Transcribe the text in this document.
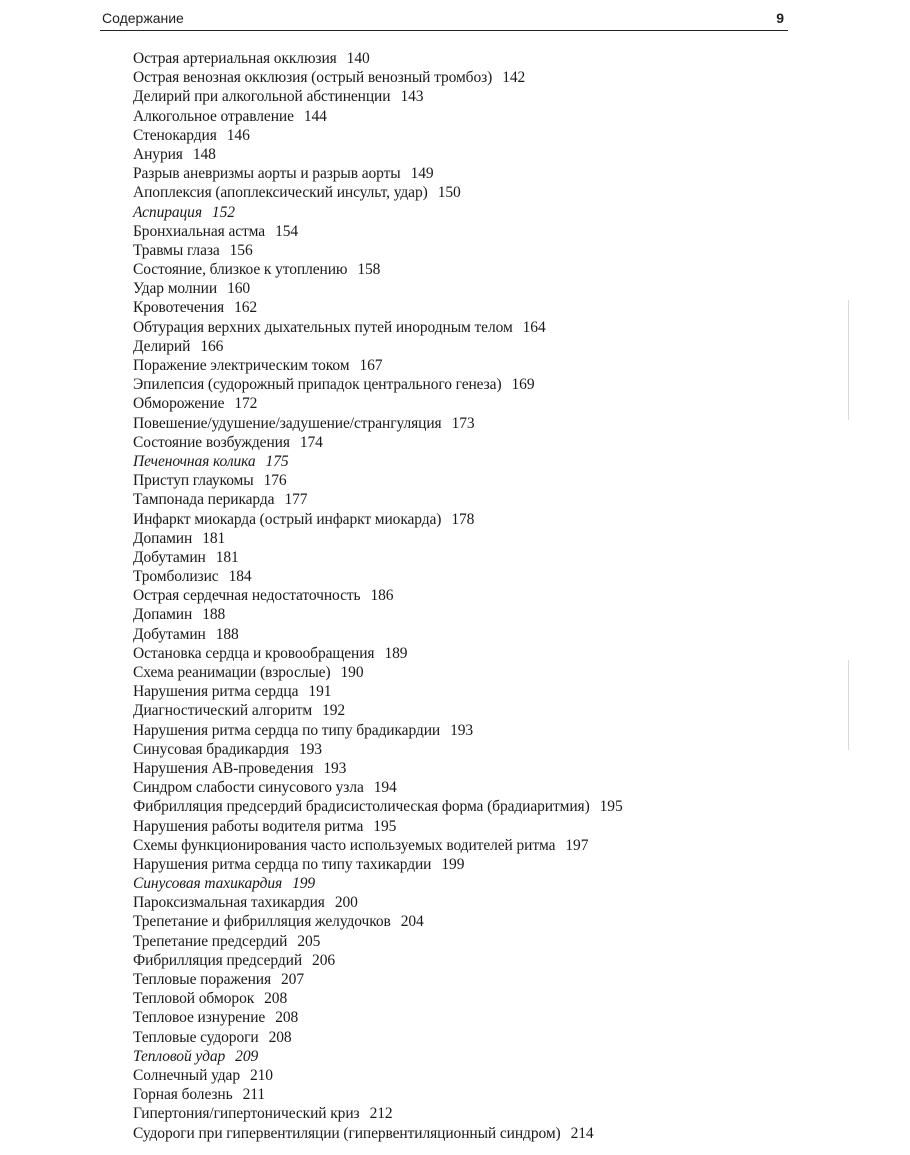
Содержание	9
Острая артериальная окклюзия 140
Острая венозная окклюзия (острый венозный тромбоз) 142
Делирий при алкогольной абстиненции 143
Алкогольное отравление 144
Стенокардия 146
Анурия 148
Разрыв аневризмы аорты и разрыв аорты 149
Апоплексия (апоплексический инсульт, удар) 150
Аспирация 152
Бронхиальная астма 154
Травмы глаза 156
Состояние, близкое к утоплению 158
Удар молнии 160
Кровотечения 162
Обтурация верхних дыхательных путей инородным телом 164
Делирий 166
Поражение электрическим током 167
Эпилепсия (судорожный припадок центрального генеза) 169
Обморожение 172
Повешение/удушение/задушение/странгуляция 173
Состояние возбуждения 174
Печеночная колика 175
Приступ глаукомы 176
Тампонада перикарда 177
Инфаркт миокарда (острый инфаркт миокарда) 178
Допамин 181
Добутамин 181
Тромболизис 184
Острая сердечная недостаточность 186
Допамин 188
Добутамин 188
Остановка сердца и кровообращения 189
Схема реанимации (взрослые) 190
Нарушения ритма сердца 191
Диагностический алгоритм 192
Нарушения ритма сердца по типу брадикардии 193
Синусовая брадикардия 193
Нарушения АВ-проведения 193
Синдром слабости синусового узла 194
Фибрилляция предсердий брадисистолическая форма (брадиаритмия) 195
Нарушения работы водителя ритма 195
Схемы функционирования часто используемых водителей ритма 197
Нарушения ритма сердца по типу тахикардии 199
Синусовая тахикардия 199
Пароксизмальная тахикардия 200
Трепетание и фибрилляция желудочков 204
Трепетание предсердий 205
Фибрилляция предсердий 206
Тепловые поражения 207
Тепловой обморок 208
Тепловое изнурение 208
Тепловые судороги 208
Тепловой удар 209
Солнечный удар 210
Горная болезнь 211
Гипертония/гипертонический криз 212
Судороги при гипервентиляции (гипервентиляционный синдром) 214
